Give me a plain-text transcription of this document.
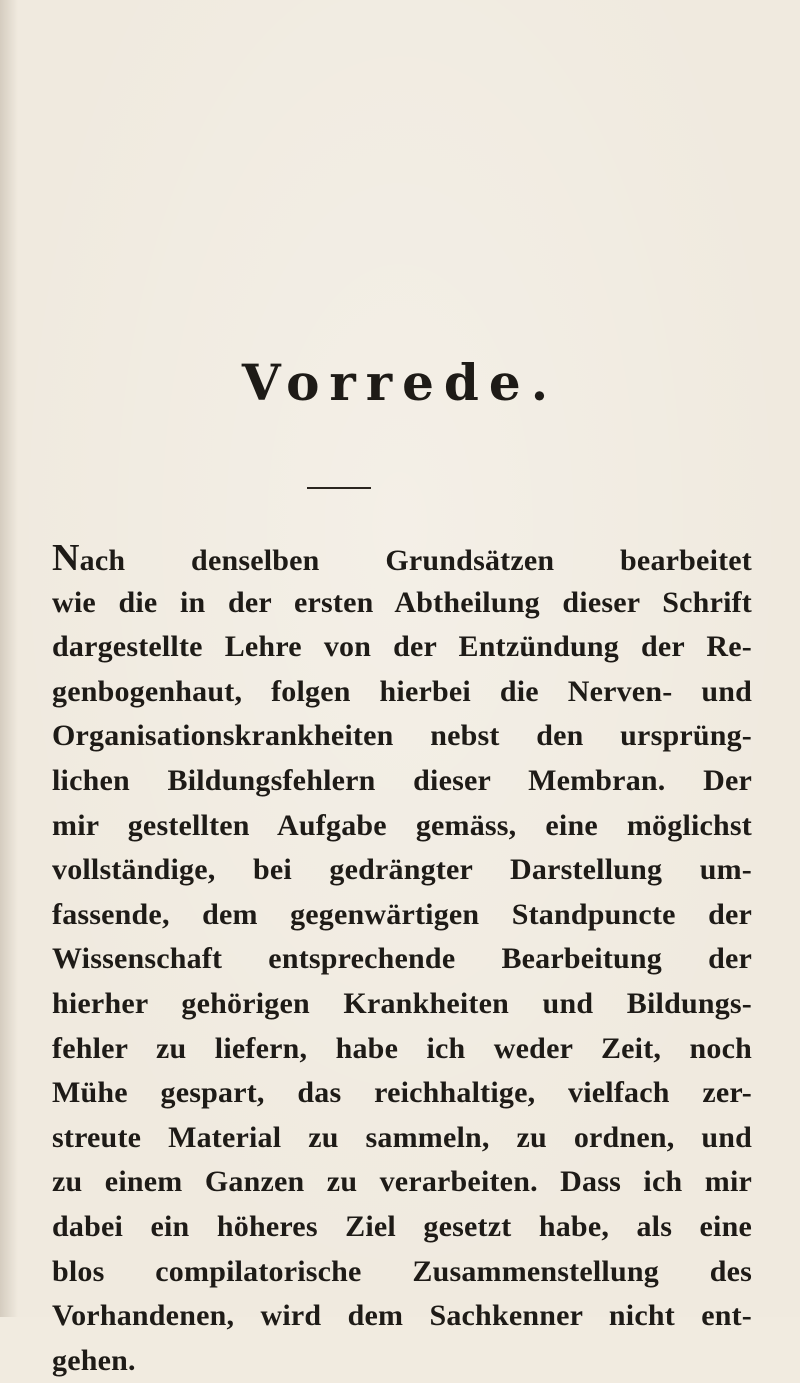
Vorrede.
Nach denselben Grundsätzen bearbeitet
wie die in der ersten Abtheilung dieser Schrift
dargestellte Lehre von der Entzündung der Re-
genbogenhaut, folgen hierbei die Nerven- und
Organisationskrankheiten nebst den ursprüng-
lichen Bildungsfehlern dieser Membran. Der
mir gestellten Aufgabe gemäss, eine möglichst
vollständige, bei gedrängter Darstellung um-
fassende, dem gegenwärtigen Standpuncte der
Wissenschaft entsprechende Bearbeitung der
hierher gehörigen Krankheiten und Bildungs-
fehler zu liefern, habe ich weder Zeit, noch
Mühe gespart, das reichhaltige, vielfach zer-
streute Material zu sammeln, zu ordnen, und
zu einem Ganzen zu verarbeiten. Dass ich mir
dabei ein höheres Ziel gesetzt habe, als eine
blos compilatorische Zusammenstellung des
Vorhandenen, wird dem Sachkenner nicht ent-
gehen.
